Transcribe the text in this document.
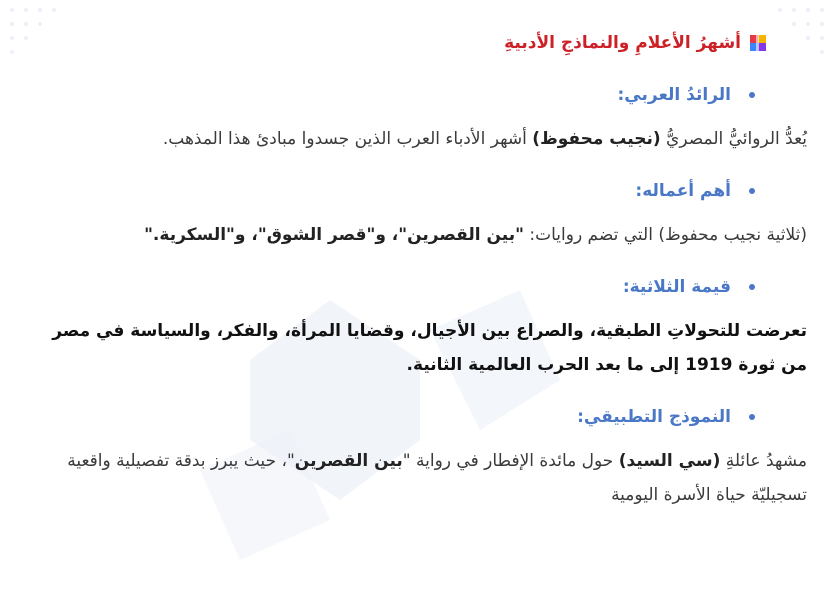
أشهرُ الأعلامِ والنماذجِ الأدبيةِ
الرائدُ العربي:
يُعدُّ الروائيُّ المصريُّ (نجيب محفوظ) أشهر الأدباء العرب الذين جسدوا مبادئ هذا المذهب.
أهم أعماله:
(ثلاثية نجيب محفوظ) التي تضم روايات: "بين القصرين"، و"قصر الشوق"، و"السكرية."
قيمة الثلاثية:
تعرضت للتحولاتِ الطبقية، والصراع بين الأجيال، وقضايا المرأة، والفكر، والسياسة في مصر من ثورة 1919 إلى ما بعد الحرب العالمية الثانية.
النموذج التطبيقي:
مشهدُ عائلةِ (سي السيد) حول مائدة الإفطار في رواية "بين القصرين"، حيث يبرز بدقة تفصيلية واقعية تسجيليّة حياة الأسرة اليومية
